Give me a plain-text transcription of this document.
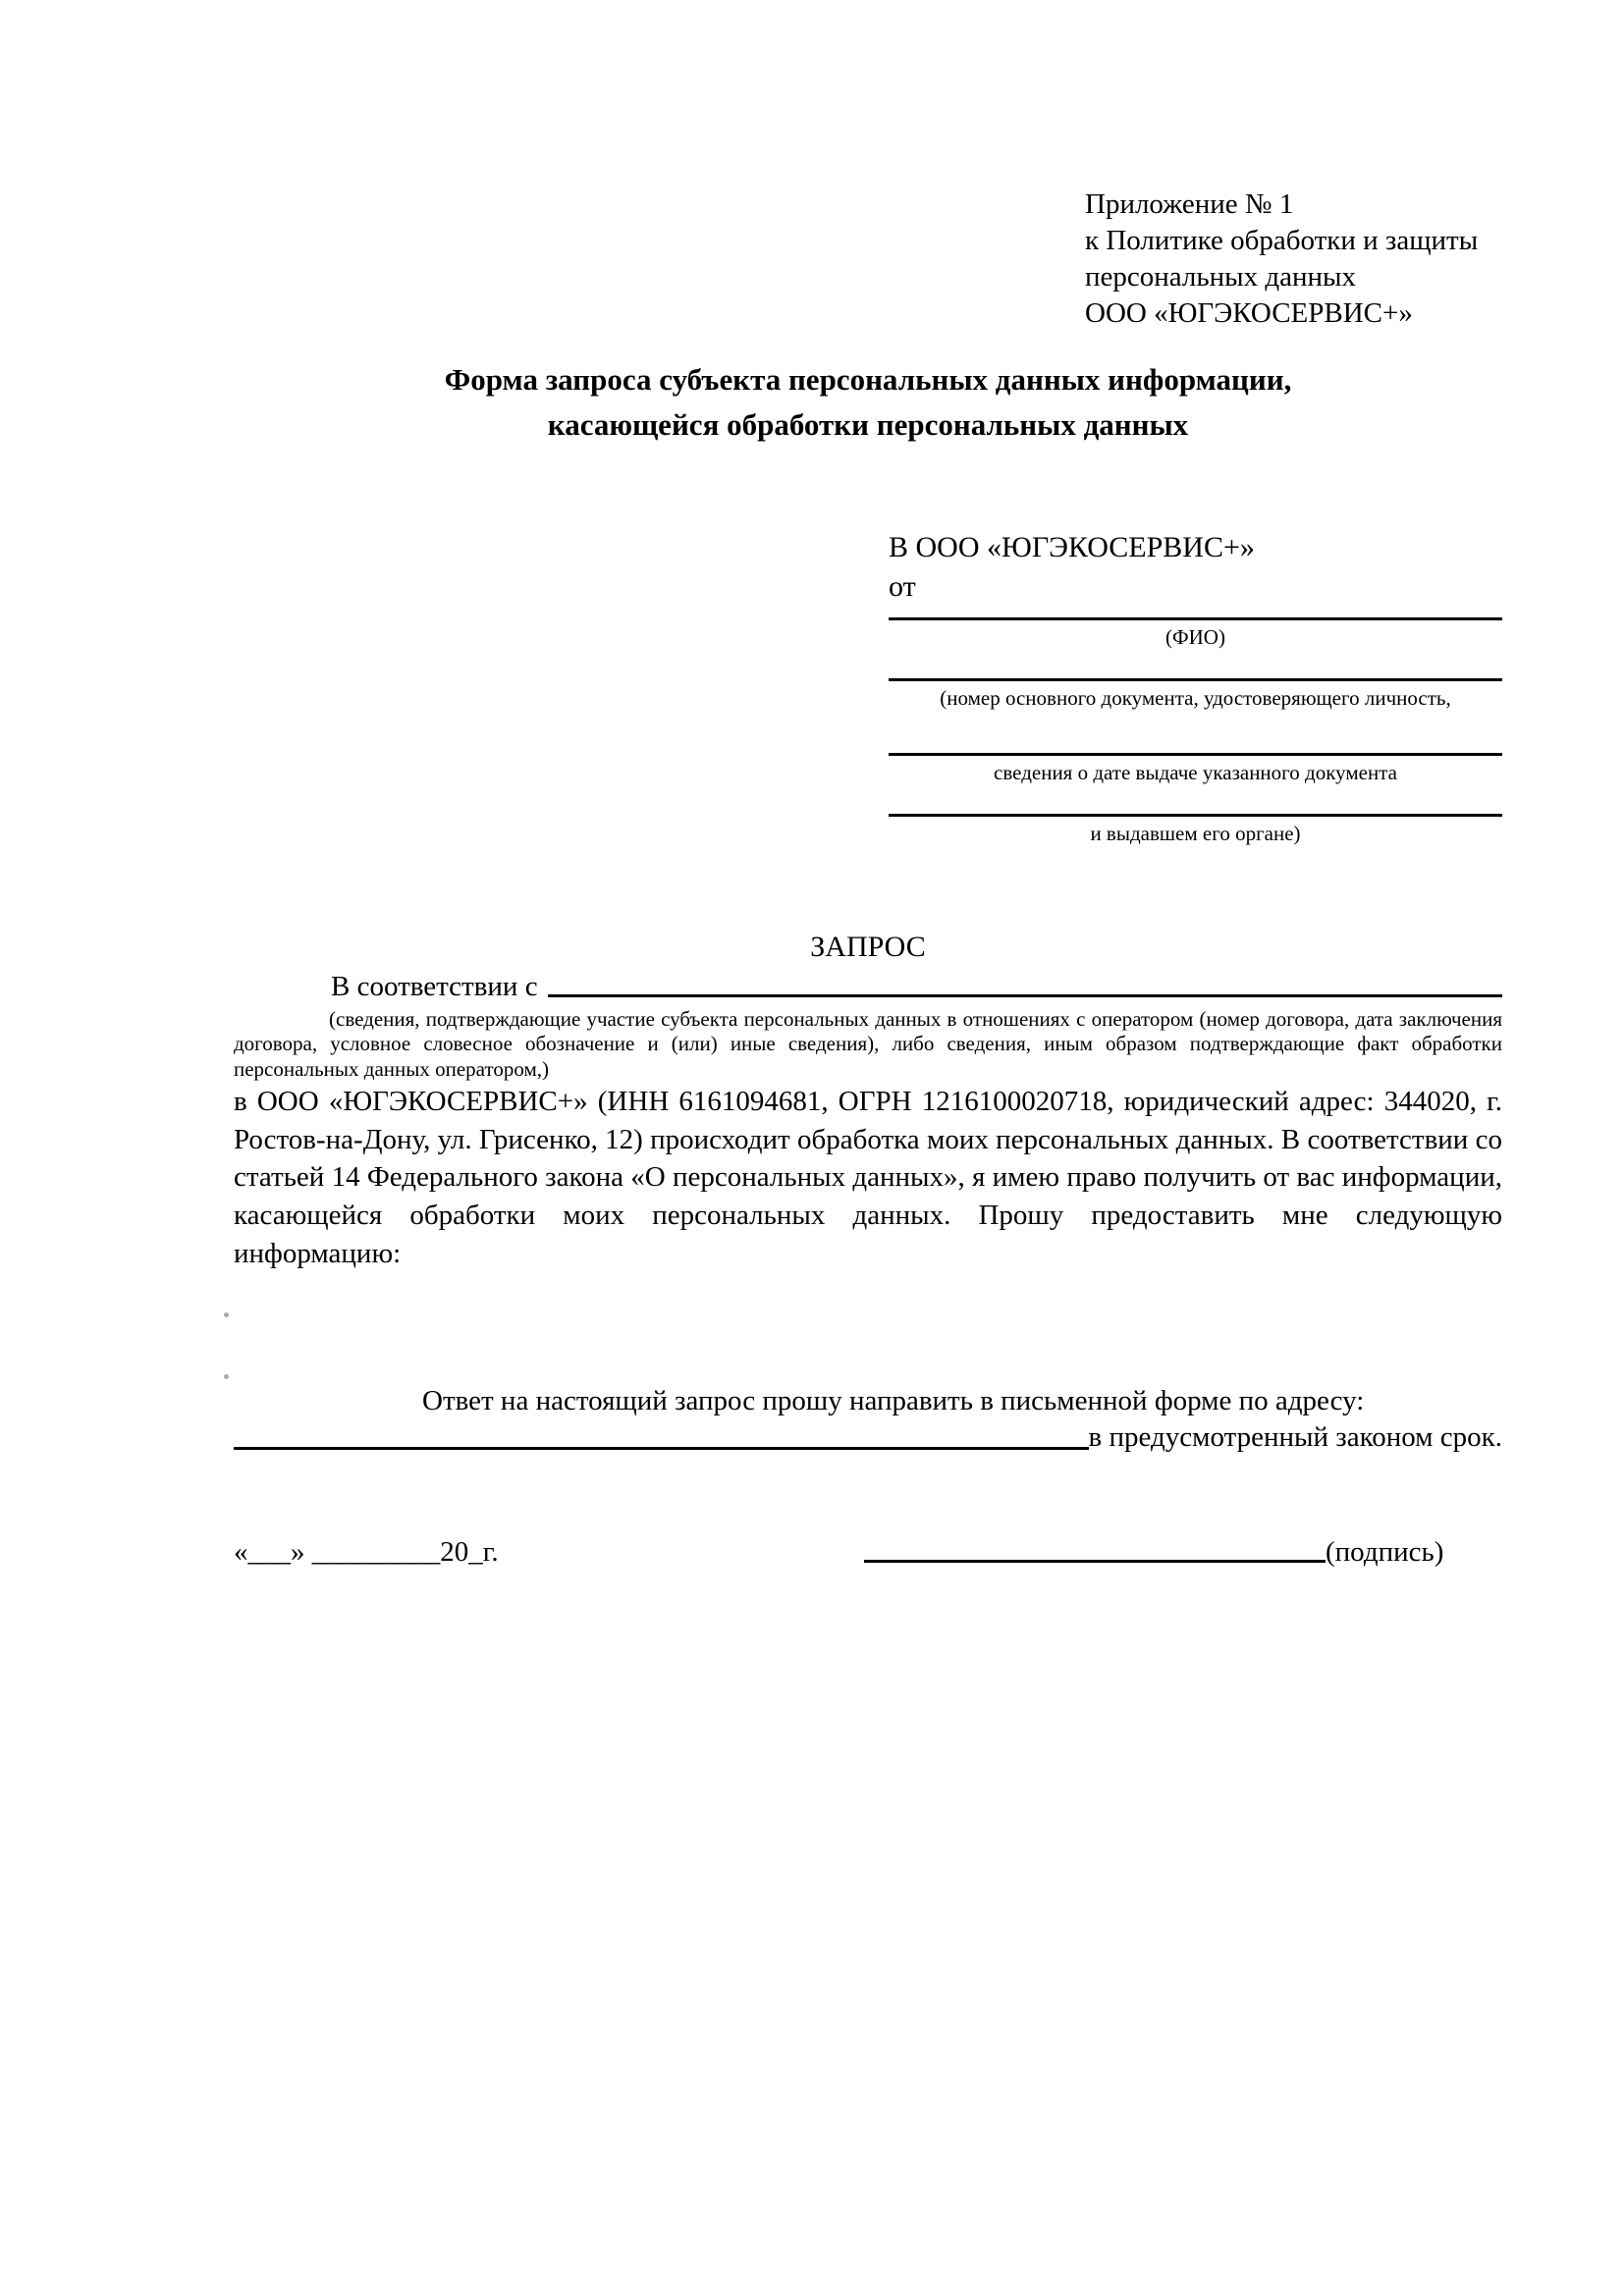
Приложение № 1
к Политике обработки и защиты
персональных данных
ООО «ЮГЭКОСЕРВИС+»
Форма запроса субъекта персональных данных информации,
касающейся обработки персональных данных
В ООО «ЮГЭКОСЕРВИС+»
от
(ФИО)
(номер основного документа, удостоверяющего личность,
сведения о дате выдаче указанного документа
и выдавшем его органе)
ЗАПРОС
В соответствии с
(сведения, подтверждающие участие субъекта персональных данных в отношениях с оператором (номер договора, дата заключения договора, условное словесное обозначение и (или) иные сведения), либо сведения, иным образом подтверждающие факт обработки персональных данных оператором,)
в ООО «ЮГЭКОСЕРВИС+» (ИНН 6161094681, ОГРН 1216100020718, юридический адрес: 344020, г. Ростов-на-Дону, ул. Грисенко, 12) происходит обработка моих персональных данных. В соответствии со статьей 14 Федерального закона «О персональных данных», я имею право получить от вас информации, касающейся обработки моих персональных данных. Прошу предоставить мне следующую информацию:
Ответ на настоящий запрос прошу направить в письменной форме по адресу:
в предусмотренный законом срок.
«___» _________20_г.	(подпись)
